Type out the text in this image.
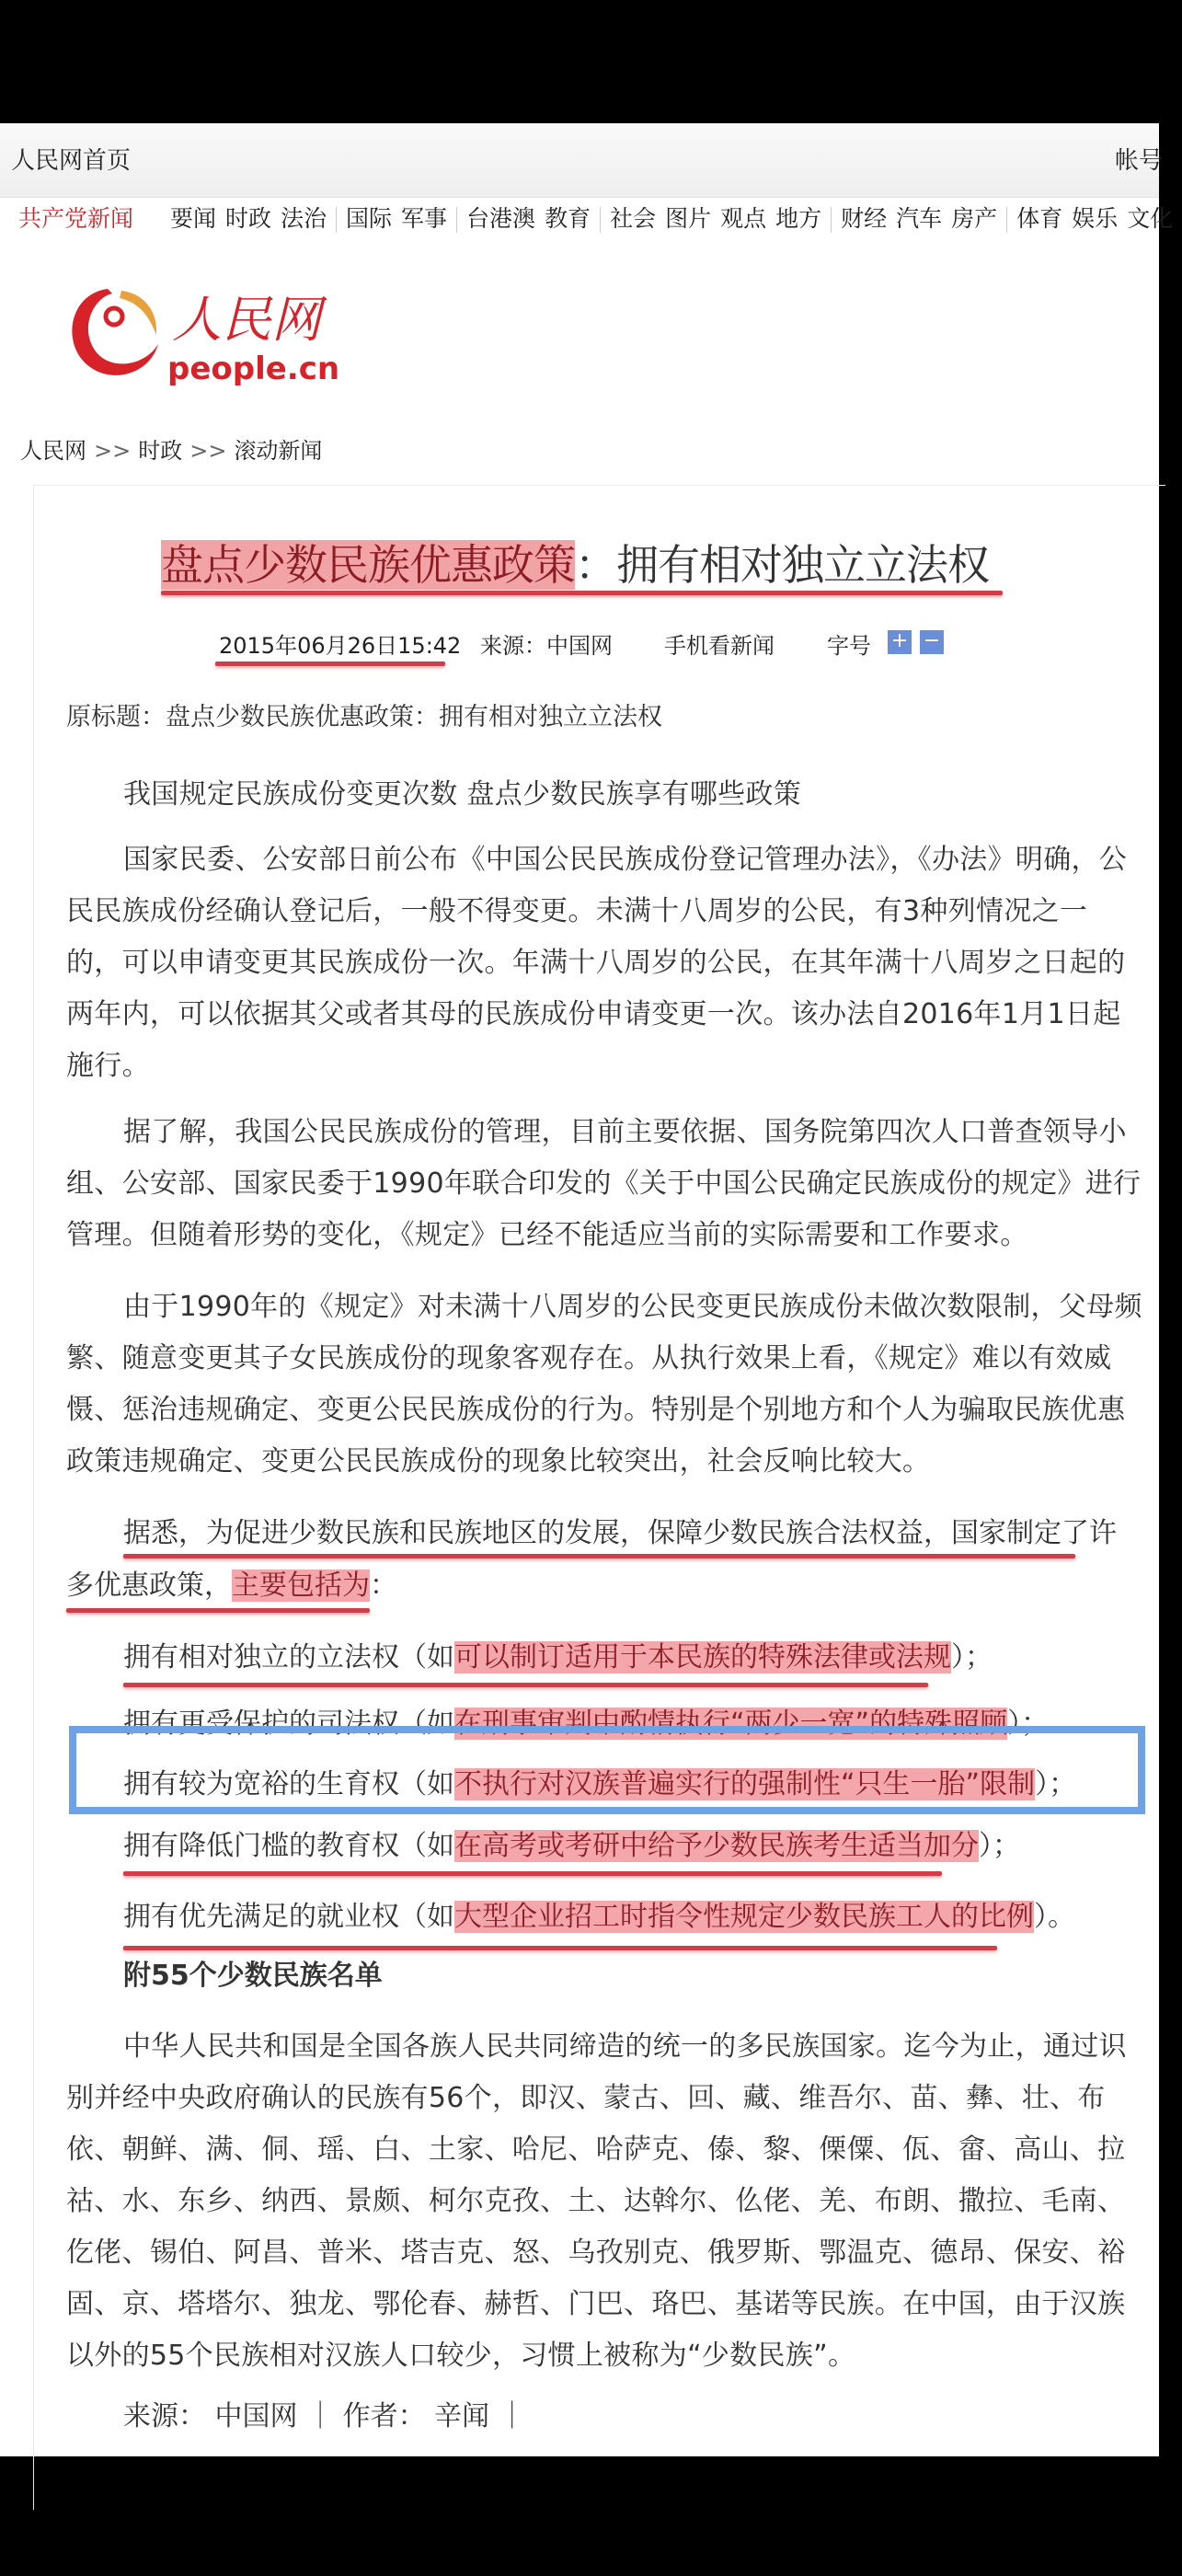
人民网首页	帐号
共产党新闻 要闻 时政 法治 国际 军事 台港澳 教育 社会 图片 观点 地方 财经 汽车 房产 体育 娱乐 文化
人民网
people.cn
人民网 >> 时政 >> 滚动新闻
盘点少数民族优惠政策：拥有相对独立立法权
2015年06月26日15:42 来源：中国网 手机看新闻 字号 + −
原标题：盘点少数民族优惠政策：拥有相对独立立法权
我国规定民族成份变更次数 盘点少数民族享有哪些政策
国家民委、公安部日前公布《中国公民民族成份登记管理办法》，《办法》明确，公民民族成份经确认登记后，一般不得变更。未满十八周岁的公民，有3种列情况之一的，可以申请变更其民族成份一次。年满十八周岁的公民，在其年满十八周岁之日起的两年内，可以依据其父或者其母的民族成份申请变更一次。该办法自2016年1月1日起施行。
据了解，我国公民民族成份的管理，目前主要依据、国务院第四次人口普查领导小组、公安部、国家民委于1990年联合印发的《关于中国公民确定民族成份的规定》进行管理。但随着形势的变化，《规定》已经不能适应当前的实际需要和工作要求。
由于1990年的《规定》对未满十八周岁的公民变更民族成份未做次数限制，父母频繁、随意变更其子女民族成份的现象客观存在。从执行效果上看，《规定》难以有效威慑、惩治违规确定、变更公民民族成份的行为。特别是个别地方和个人为骗取民族优惠政策违规确定、变更公民民族成份的现象比较突出，社会反响比较大。
据悉，为促进少数民族和民族地区的发展，保障少数民族合法权益，国家制定了许
多优惠政策，主要包括为：
拥有相对独立的立法权（如可以制订适用于本民族的特殊法律或法规）；
拥有更受保护的司法权（如在刑事审判中酌情执行“两少一宽”的特殊照顾）；
拥有较为宽裕的生育权（如不执行对汉族普遍实行的强制性“只生一胎”限制）；
拥有降低门槛的教育权（如在高考或考研中给予少数民族考生适当加分）；
拥有优先满足的就业权（如大型企业招工时指令性规定少数民族工人的比例）。
附55个少数民族名单
中华人民共和国是全国各族人民共同缔造的统一的多民族国家。迄今为止，通过识别并经中央政府确认的民族有56个，即汉、蒙古、回、藏、维吾尔、苗、彝、壮、布依、朝鲜、满、侗、瑶、白、土家、哈尼、哈萨克、傣、黎、傈僳、佤、畲、高山、拉祜、水、东乡、纳西、景颇、柯尔克孜、土、达斡尔、仫佬、羌、布朗、撒拉、毛南、仡佬、锡伯、阿昌、普米、塔吉克、怒、乌孜别克、俄罗斯、鄂温克、德昂、保安、裕固、京、塔塔尔、独龙、鄂伦春、赫哲、门巴、珞巴、基诺等民族。在中国，由于汉族以外的55个民族相对汉族人口较少，习惯上被称为“少数民族”。
来源： 中国网 ｜ 作者： 辛闻 ｜
